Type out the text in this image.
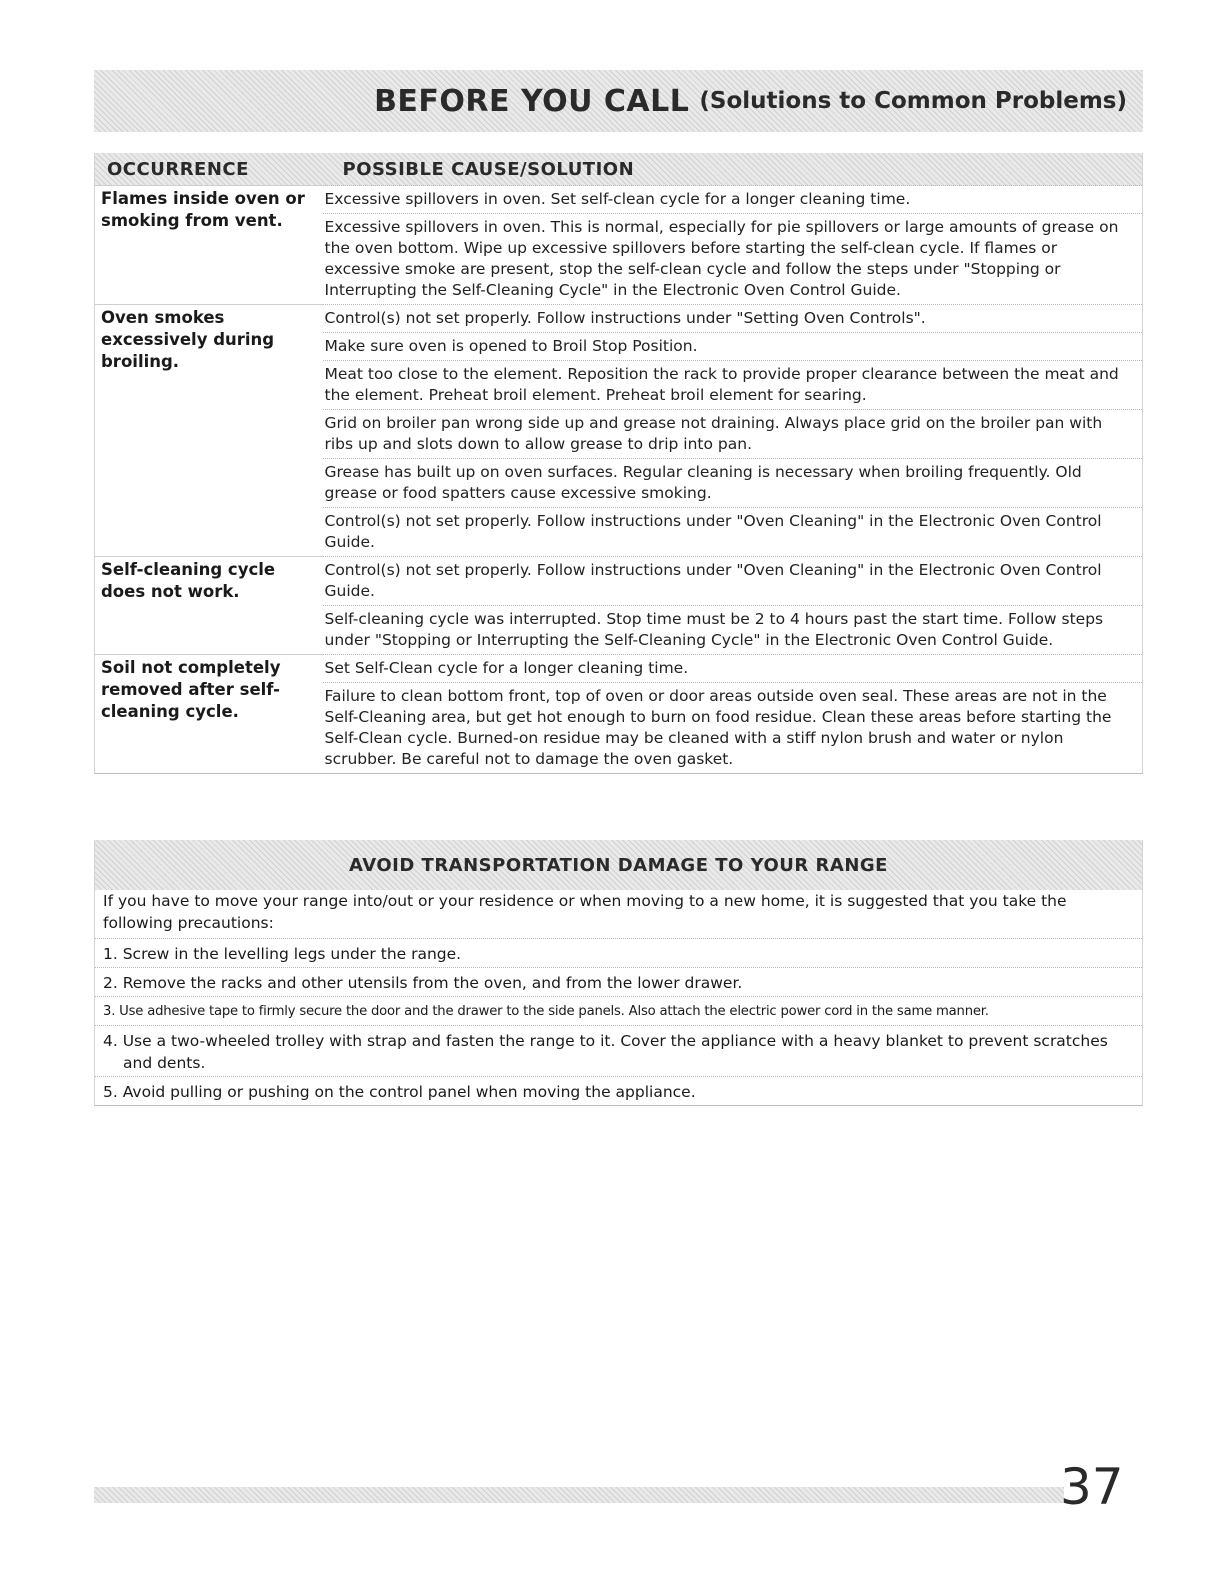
BEFORE YOU CALL (Solutions to Common Problems)
OCCURRENCE	POSSIBLE CAUSE/SOLUTION
Flames inside oven or smoking from vent.	Excessive spillovers in oven. Set self-clean cycle for a longer cleaning time.
	Excessive spillovers in oven. This is normal, especially for pie spillovers or large amounts of grease on the oven bottom. Wipe up excessive spillovers before starting the self-clean cycle. If flames or excessive smoke are present, stop the self-clean cycle and follow the steps under "Stopping or Interrupting the Self-Cleaning Cycle" in the Electronic Oven Control Guide.
Oven smokes excessively during broiling.	Control(s) not set properly. Follow instructions under "Setting Oven Controls".
	Make sure oven is opened to Broil Stop Position.
	Meat too close to the element. Reposition the rack to provide proper clearance between the meat and the element. Preheat broil element. Preheat broil element for searing.
	Grid on broiler pan wrong side up and grease not draining. Always place grid on the broiler pan with ribs up and slots down to allow grease to drip into pan.
	Grease has built up on oven surfaces. Regular cleaning is necessary when broiling frequently. Old grease or food spatters cause excessive smoking.
	Control(s) not set properly. Follow instructions under "Oven Cleaning" in the Electronic Oven Control Guide.
Self-cleaning cycle does not work.	Control(s) not set properly. Follow instructions under "Oven Cleaning" in the Electronic Oven Control Guide.
	Self-cleaning cycle was interrupted. Stop time must be 2 to 4 hours past the start time. Follow steps under "Stopping or Interrupting the Self-Cleaning Cycle" in the Electronic Oven Control Guide.
Soil not completely removed after self-cleaning cycle.	Set Self-Clean cycle for a longer cleaning time.
	Failure to clean bottom front, top of oven or door areas outside oven seal. These areas are not in the Self-Cleaning area, but get hot enough to burn on food residue. Clean these areas before starting the Self-Clean cycle. Burned-on residue may be cleaned with a stiff nylon brush and water or nylon scrubber. Be careful not to damage the oven gasket.
AVOID TRANSPORTATION DAMAGE TO YOUR RANGE
If you have to move your range into/out or your residence or when moving to a new home, it is suggested that you take the following precautions:
1. Screw in the levelling legs under the range.
2. Remove the racks and other utensils from the oven, and from the lower drawer.
3. Use adhesive tape to firmly secure the door and the drawer to the side panels. Also attach the electric power cord in the same manner.
4. Use a two-wheeled trolley with strap and fasten the range to it. Cover the appliance with a heavy blanket to prevent scratches and dents.
5. Avoid pulling or pushing on the control panel when moving the appliance.
37
